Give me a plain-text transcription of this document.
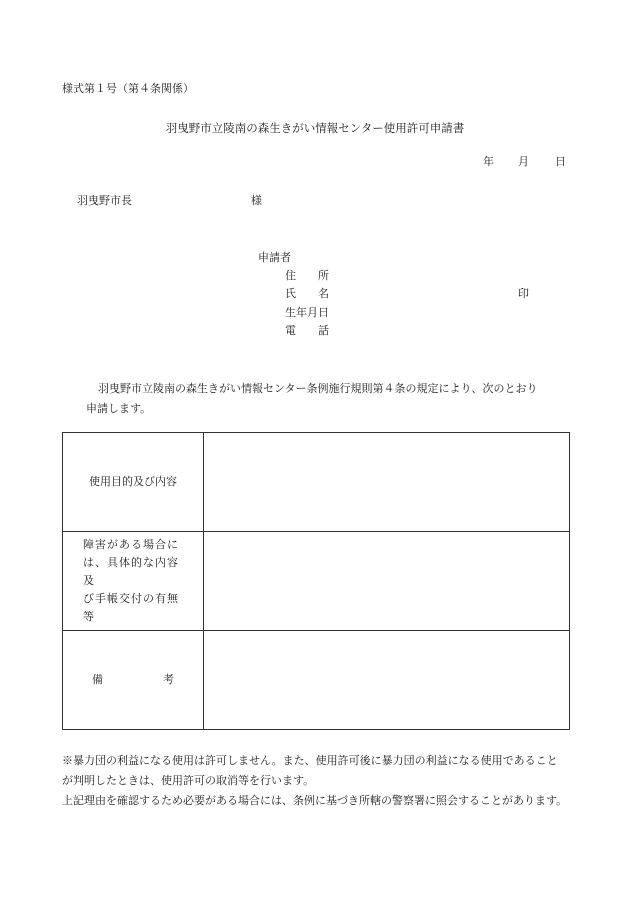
様式第１号（第４条関係）
羽曳野市立陵南の森生きがい情報センター使用許可申請書
年 月 日
羽曳野市長	様
申請者
住　　所
氏　　名
生年月日
電　　話
印
羽曳野市立陵南の森生きがい情報センター条例施行規則第４条の規定により、次のとおり
申請します。
使用目的及び内容	

障害がある場合に
は、具体的な内容及
び手帳交付の有無等	

備 考	

※暴力団の利益になる使用は許可しません。また、使用許可後に暴力団の利益になる使用であること
が判明したときは、使用許可の取消等を行います。
上記理由を確認するため必要がある場合には、条例に基づき所轄の警察署に照会することがあります。
